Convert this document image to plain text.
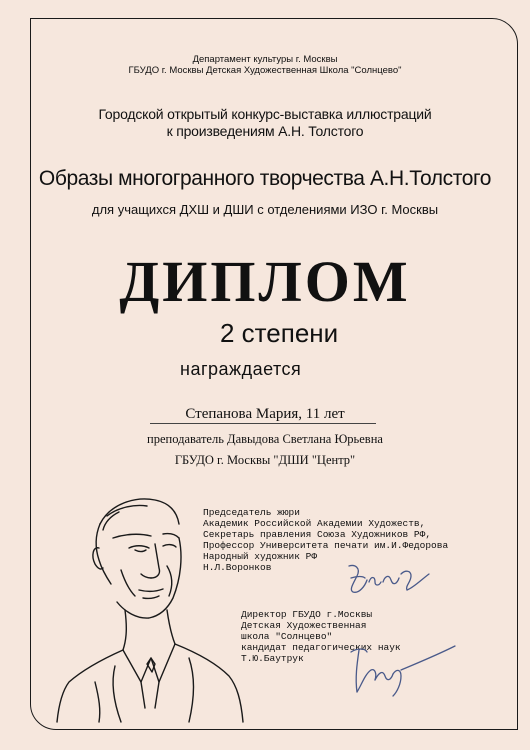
Департамент культуры г. Москвы
ГБУДО г. Москвы Детская Художественная Школа "Солнцево"
Городской открытый конкурс-выставка иллюстраций
к произведениям А.Н. Толстого
Образы многогранного творчества А.Н.Толстого
для учащихся ДХШ и ДШИ с отделениями ИЗО г. Москвы
ДИПЛОМ
2 степени
награждается
Степанова Мария, 11 лет
преподаватель Давыдова Светлана Юрьевна
ГБУДО г. Москвы "ДШИ "Центр"
Председатель жюри
Академик Российской Академии Художеств,
Секретарь правления Союза Художников РФ,
Профессор Университета печати им.И.Федорова
Народный художник РФ
Н.Л.Воронков
Директор ГБУДО г.Москвы
Детская Художественная
школа "Солнцево"
кандидат педагогических наук
Т.Ю.Баутрук
